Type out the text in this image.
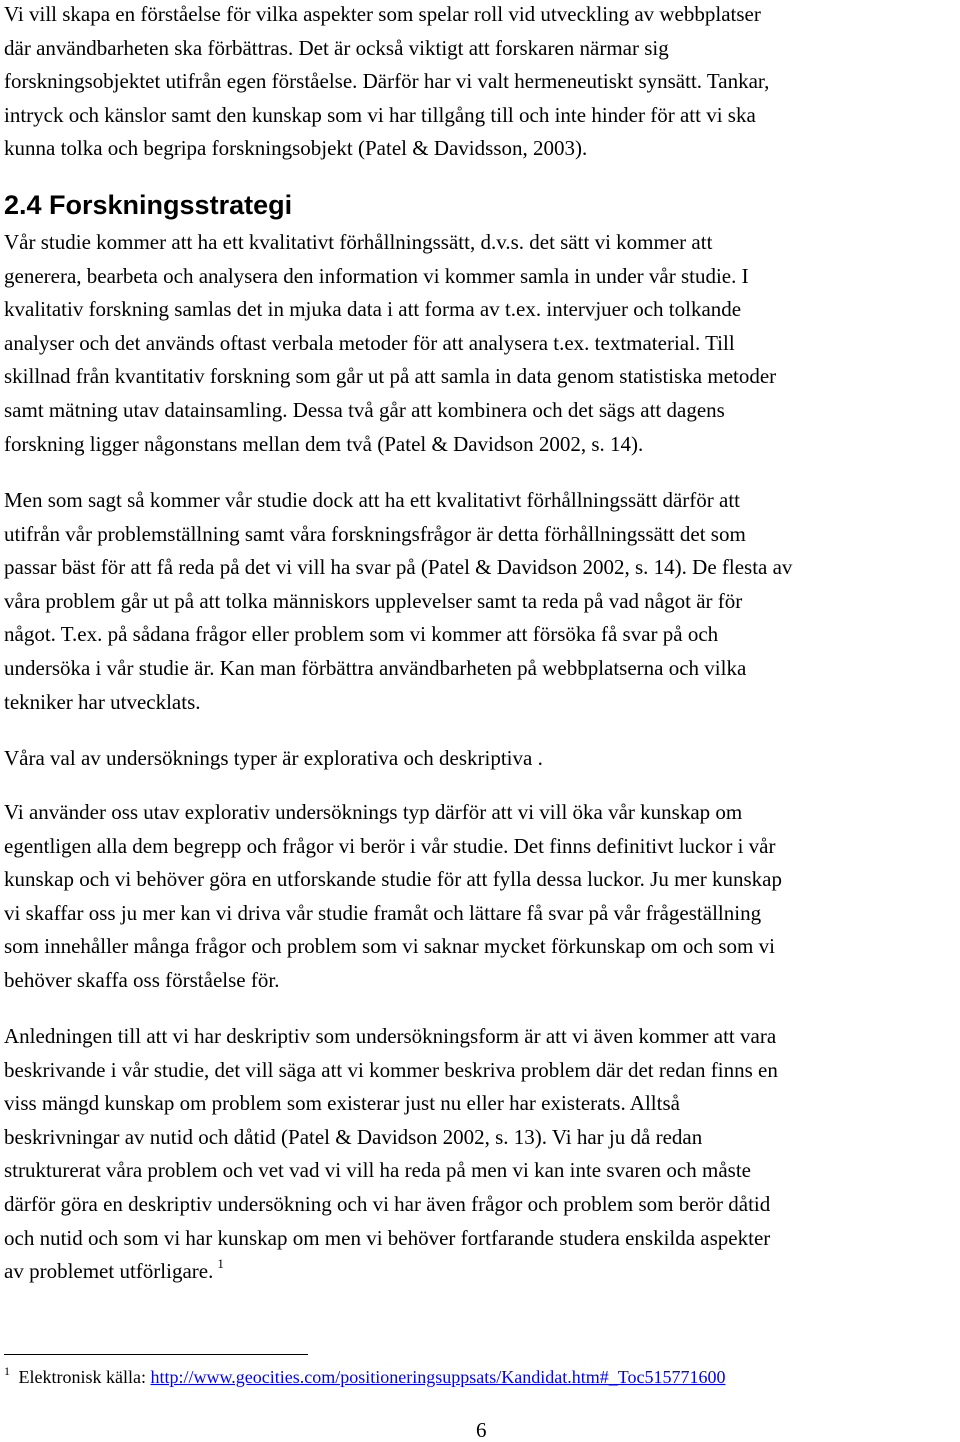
Vi vill skapa en förståelse för vilka aspekter som spelar roll vid utveckling av webbplatser
där användbarheten ska förbättras. Det är också viktigt att forskaren närmar sig
forskningsobjektet utifrån egen förståelse. Därför har vi valt hermeneutiskt synsätt. Tankar,
intryck och känslor samt den kunskap som vi har tillgång till och inte hinder för att vi ska
kunna tolka och begripa forskningsobjekt (Patel & Davidsson, 2003).

2.4 Forskningsstrategi

Vår studie kommer att ha ett kvalitativt förhållningssätt, d.v.s. det sätt vi kommer att
generera, bearbeta och analysera den information vi kommer samla in under vår studie. I
kvalitativ forskning samlas det in mjuka data i att forma av t.ex. intervjuer och tolkande
analyser och det används oftast verbala metoder för att analysera t.ex. textmaterial. Till
skillnad från kvantitativ forskning som går ut på att samla in data genom statistiska metoder
samt mätning utav datainsamling. Dessa två går att kombinera och det sägs att dagens
forskning ligger någonstans mellan dem två (Patel & Davidson 2002, s. 14).

Men som sagt så kommer vår studie dock att ha ett kvalitativt förhållningssätt därför att
utifrån vår problemställning samt våra forskningsfrågor är detta förhållningssätt det som
passar bäst för att få reda på det vi vill ha svar på (Patel & Davidson 2002, s. 14). De flesta av
våra problem går ut på att tolka människors upplevelser samt ta reda på vad något är för
något. T.ex. på sådana frågor eller problem som vi kommer att försöka få svar på och
undersöka i vår studie är. Kan man förbättra användbarheten på webbplatserna och vilka
tekniker har utvecklats.

Våra val av undersöknings typer är explorativa och deskriptiva .

Vi använder oss utav explorativ undersöknings typ därför att vi vill öka vår kunskap om
egentligen alla dem begrepp och frågor vi berör i vår studie. Det finns definitivt luckor i vår
kunskap och vi behöver göra en utforskande studie för att fylla dessa luckor. Ju mer kunskap
vi skaffar oss ju mer kan vi driva vår studie framåt och lättare få svar på vår frågeställning
som innehåller många frågor och problem som vi saknar mycket förkunskap om och som vi
behöver skaffa oss förståelse för.

Anledningen till att vi har deskriptiv som undersökningsform är att vi även kommer att vara
beskrivande i vår studie, det vill säga att vi kommer beskriva problem där det redan finns en
viss mängd kunskap om problem som existerar just nu eller har existerats. Alltså
beskrivningar av nutid och dåtid (Patel & Davidson 2002, s. 13). Vi har ju då redan
strukturerat våra problem och vet vad vi vill ha reda på men vi kan inte svaren och måste
därför göra en deskriptiv undersökning och vi har även frågor och problem som berör dåtid
och nutid och som vi har kunskap om men vi behöver fortfarande studera enskilda aspekter
av problemet utförligare. $^1$

$^1$ Elektronisk källa: http://www.geocities.com/positioneringsuppsats/Kandidat.htm#_Toc515771600
6
